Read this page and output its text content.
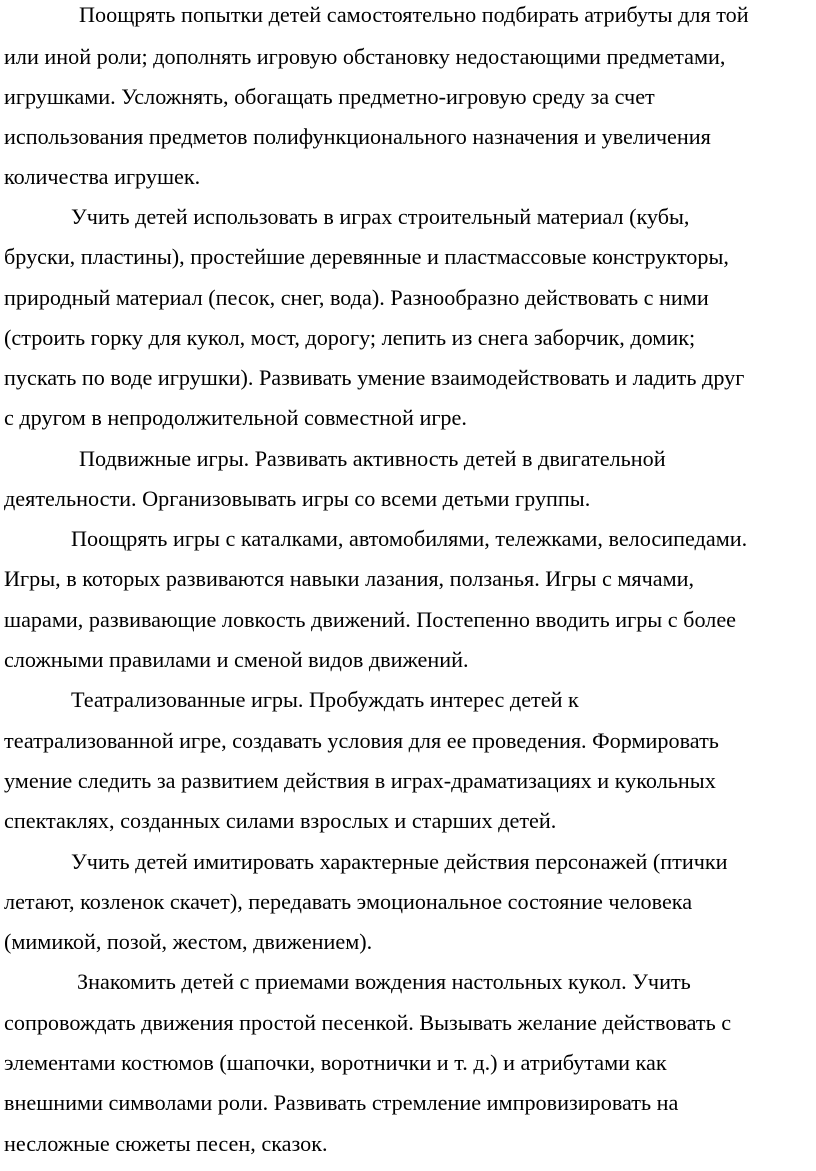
Поощрять попытки детей самостоятельно подбирать атрибуты для той
или иной роли; дополнять игровую обстановку недостающими предметами,
игрушками. Усложнять, обогащать предметно-игровую среду за счет
использования предметов полифункционального назначения и увеличения
количества игрушек.
Учить детей использовать в играх строительный материал (кубы,
бруски, пластины), простейшие деревянные и пластмассовые конструкторы,
природный материал (песок, снег, вода). Разнообразно действовать с ними
(строить горку для кукол, мост, дорогу; лепить из снега заборчик, домик;
пускать по воде игрушки). Развивать умение взаимодействовать и ладить друг
с другом в непродолжительной совместной игре.
Подвижные игры. Развивать активность детей в двигательной
деятельности. Организовывать игры со всеми детьми группы.
Поощрять игры с каталками, автомобилями, тележками, велосипедами.
Игры, в которых развиваются навыки лазания, ползанья. Игры с мячами,
шарами, развивающие ловкость движений. Постепенно вводить игры с более
сложными правилами и сменой видов движений.
Театрализованные игры. Пробуждать интерес детей к
театрализованной игре, создавать условия для ее проведения. Формировать
умение следить за развитием действия в играх-драматизациях и кукольных
спектаклях, созданных силами взрослых и старших детей.
Учить детей имитировать характерные действия персонажей (птички
летают, козленок скачет), передавать эмоциональное состояние человека
(мимикой, позой, жестом, движением).
Знакомить детей с приемами вождения настольных кукол. Учить
сопровождать движения простой песенкой. Вызывать желание действовать с
элементами костюмов (шапочки, воротнички и т. д.) и атрибутами как
внешними символами роли. Развивать стремление импровизировать на
несложные сюжеты песен, сказок.
